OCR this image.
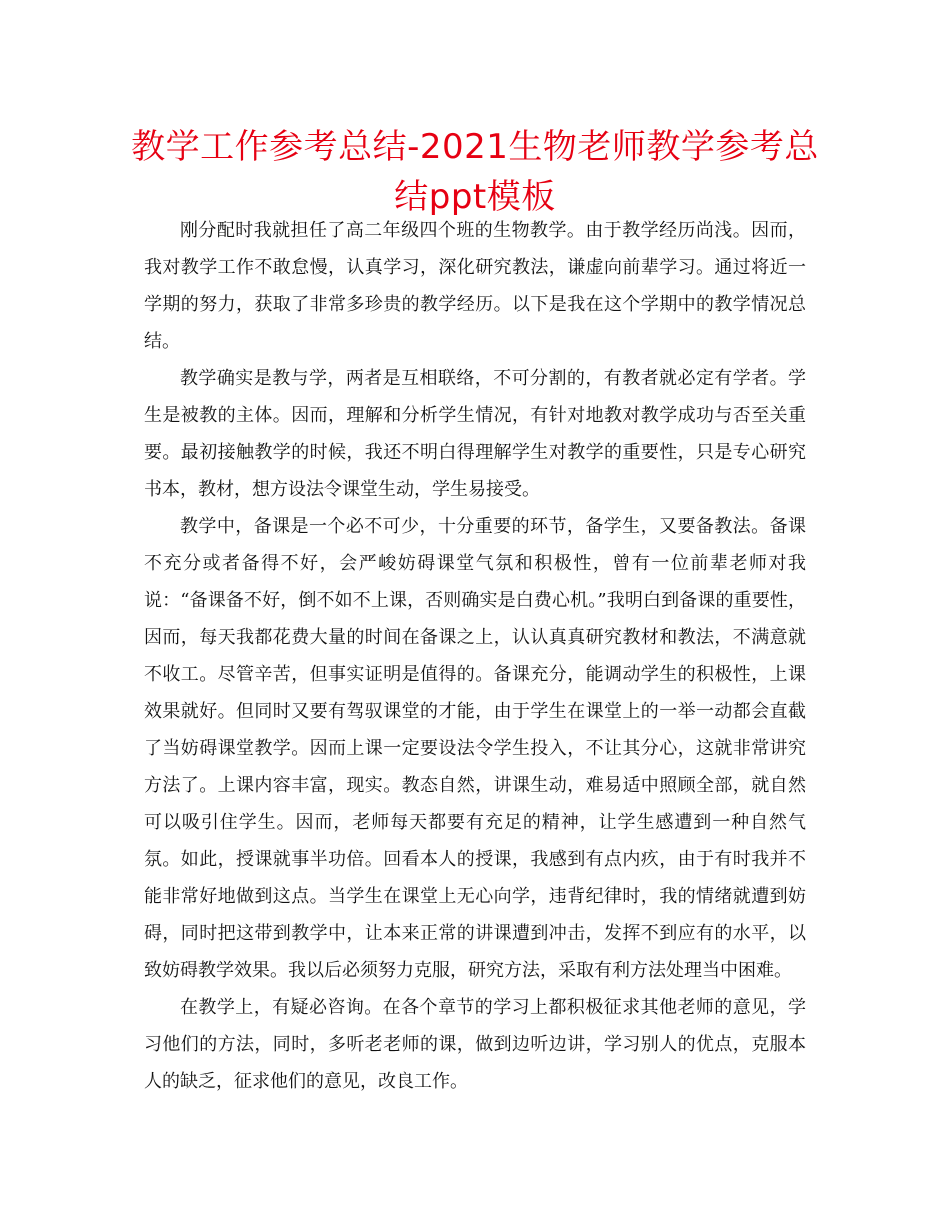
教学工作参考总结-2021生物老师教学参考总结ppt模板

刚分配时我就担任了高二年级四个班的生物教学。由于教学经历尚浅。因而，我对教学工作不敢怠慢，认真学习，深化研究教法，谦虚向前辈学习。通过将近一学期的努力，获取了非常多珍贵的教学经历。以下是我在这个学期中的教学情况总结。

教学确实是教与学，两者是互相联络，不可分割的，有教者就必定有学者。学生是被教的主体。因而，理解和分析学生情况，有针对地教对教学成功与否至关重要。最初接触教学的时候，我还不明白得理解学生对教学的重要性，只是专心研究书本，教材，想方设法令课堂生动，学生易接受。

教学中，备课是一个必不可少，十分重要的环节，备学生，又要备教法。备课不充分或者备得不好，会严峻妨碍课堂气氛和积极性，曾有一位前辈老师对我说：“备课备不好，倒不如不上课，否则确实是白费心机。”我明白到备课的重要性，因而，每天我都花费大量的时间在备课之上，认认真真研究教材和教法，不满意就不收工。尽管辛苦，但事实证明是值得的。备课充分，能调动学生的积极性，上课效果就好。但同时又要有驾驭课堂的才能，由于学生在课堂上的一举一动都会直截了当妨碍课堂教学。因而上课一定要设法令学生投入，不让其分心，这就非常讲究方法了。上课内容丰富，现实。教态自然，讲课生动，难易适中照顾全部，就自然可以吸引住学生。因而，老师每天都要有充足的精神，让学生感遭到一种自然气氛。如此，授课就事半功倍。回看本人的授课，我感到有点内疚，由于有时我并不能非常好地做到这点。当学生在课堂上无心向学，违背纪律时，我的情绪就遭到妨碍，同时把这带到教学中，让本来正常的讲课遭到冲击，发挥不到应有的水平，以致妨碍教学效果。我以后必须努力克服，研究方法，采取有利方法处理当中困难。

在教学上，有疑必咨询。在各个章节的学习上都积极征求其他老师的意见，学习他们的方法，同时，多听老老师的课，做到边听边讲，学习别人的优点，克服本人的缺乏，征求他们的意见，改良工作。
